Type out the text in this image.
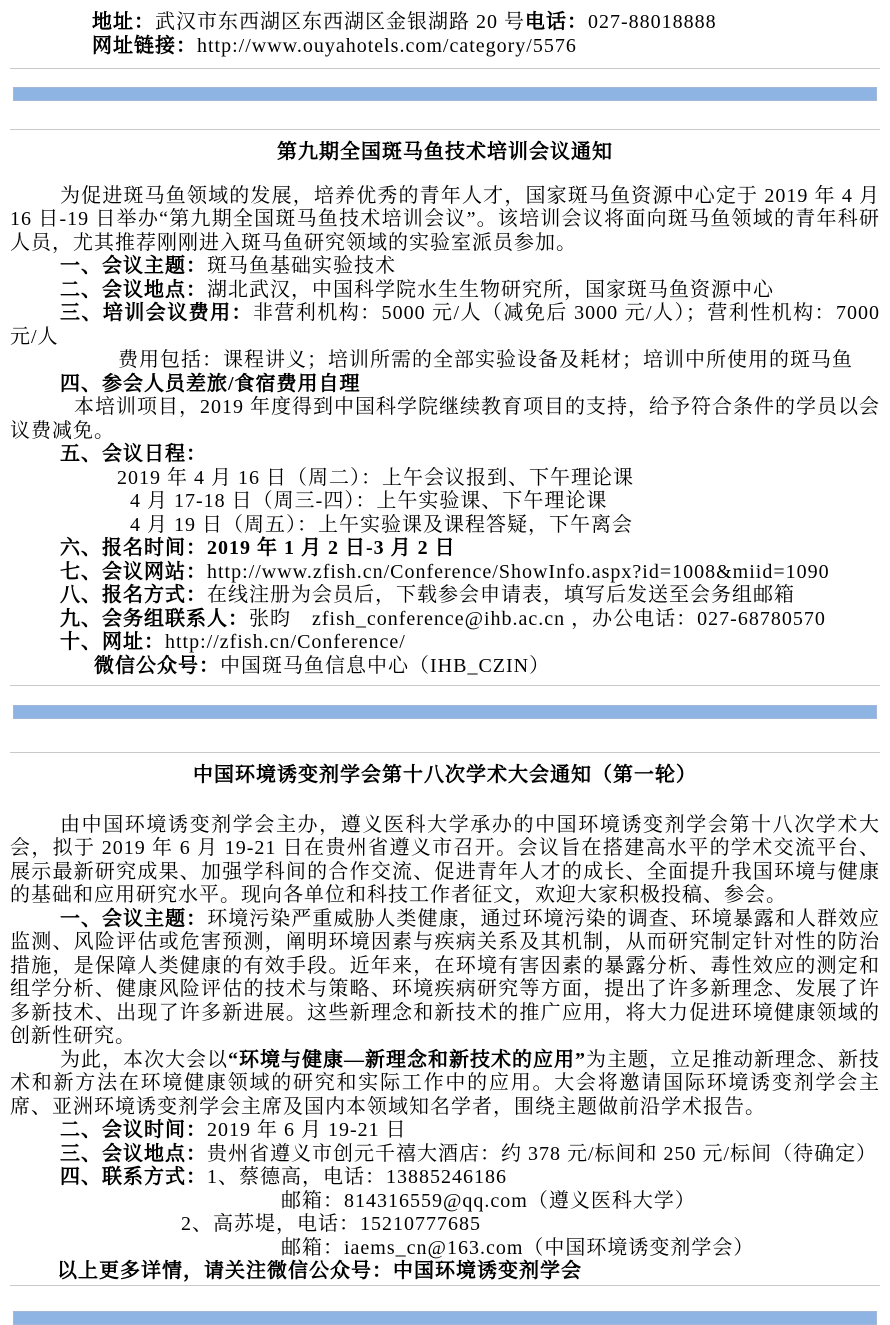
地址：武汉市东西湖区东西湖区金银湖路 20 号 电话：027-88018888
网址链接：http://www.ouyahotels.com/category/5576
第九期全国斑马鱼技术培训会议通知
为促进斑马鱼领域的发展，培养优秀的青年人才，国家斑马鱼资源中心定于 2019 年 4 月 16 日-19 日举办“第九期全国斑马鱼技术培训会议”。该培训会议将面向斑马鱼领域的青年科研人员，尤其推荐刚刚进入斑马鱼研究领域的实验室派员参加。
一、会议主题：斑马鱼基础实验技术
二、会议地点：湖北武汉，中国科学院水生生物研究所，国家斑马鱼资源中心
三、培训会议费用：非营利机构：5000 元/人（减免后 3000 元/人）；营利性机构：7000 元/人
费用包括：课程讲义；培训所需的全部实验设备及耗材；培训中所使用的斑马鱼
四、参会人员差旅/食宿费用自理
本培训项目，2019 年度得到中国科学院继续教育项目的支持，给予符合条件的学员以会议费减免。
五、会议日程：
2019 年 4 月 16 日（周二）：上午会议报到、下午理论课
4 月 17-18 日（周三-四）：上午实验课、下午理论课
4 月 19 日（周五）：上午实验课及课程答疑，下午离会
六、报名时间：2019 年 1 月 2 日-3 月 2 日
七、会议网站：http://www.zfish.cn/Conference/ShowInfo.aspx?id=1008&miid=1090
八、报名方式：在线注册为会员后，下载参会申请表，填写后发送至会务组邮箱
九、会务组联系人：张昀　zfish_conference@ihb.ac.cn ，办公电话：027-68780570
十、网址：http://zfish.cn/Conference/
微信公众号：中国斑马鱼信息中心（IHB_CZIN）
中国环境诱变剂学会第十八次学术大会通知（第一轮）
由中国环境诱变剂学会主办，遵义医科大学承办的中国环境诱变剂学会第十八次学术大会，拟于 2019 年 6 月 19-21 日在贵州省遵义市召开。会议旨在搭建高水平的学术交流平台、展示最新研究成果、加强学科间的合作交流、促进青年人才的成长、全面提升我国环境与健康的基础和应用研究水平。现向各单位和科技工作者征文，欢迎大家积极投稿、参会。
一、会议主题：环境污染严重威胁人类健康，通过环境污染的调查、环境暴露和人群效应监测、风险评估或危害预测，阐明环境因素与疾病关系及其机制，从而研究制定针对性的防治措施，是保障人类健康的有效手段。近年来，在环境有害因素的暴露分析、毒性效应的测定和组学分析、健康风险评估的技术与策略、环境疾病研究等方面，提出了许多新理念、发展了许多新技术、出现了许多新进展。这些新理念和新技术的推广应用，将大力促进环境健康领域的创新性研究。
为此，本次大会以“环境与健康—新理念和新技术的应用”为主题，立足推动新理念、新技术和新方法在环境健康领域的研究和实际工作中的应用。大会将邀请国际环境诱变剂学会主席、亚洲环境诱变剂学会主席及国内本领域知名学者，围绕主题做前沿学术报告。
二、会议时间：2019 年 6 月 19-21 日
三、会议地点：贵州省遵义市创元千禧大酒店：约 378 元/标间和 250 元/标间（待确定）
四、联系方式：1、蔡德高，电话：13885246186
邮箱：814316559@qq.com（遵义医科大学）
2、高苏堤，电话：15210777685
邮箱：iaems_cn@163.com（中国环境诱变剂学会）
以上更多详情，请关注微信公众号：中国环境诱变剂学会
